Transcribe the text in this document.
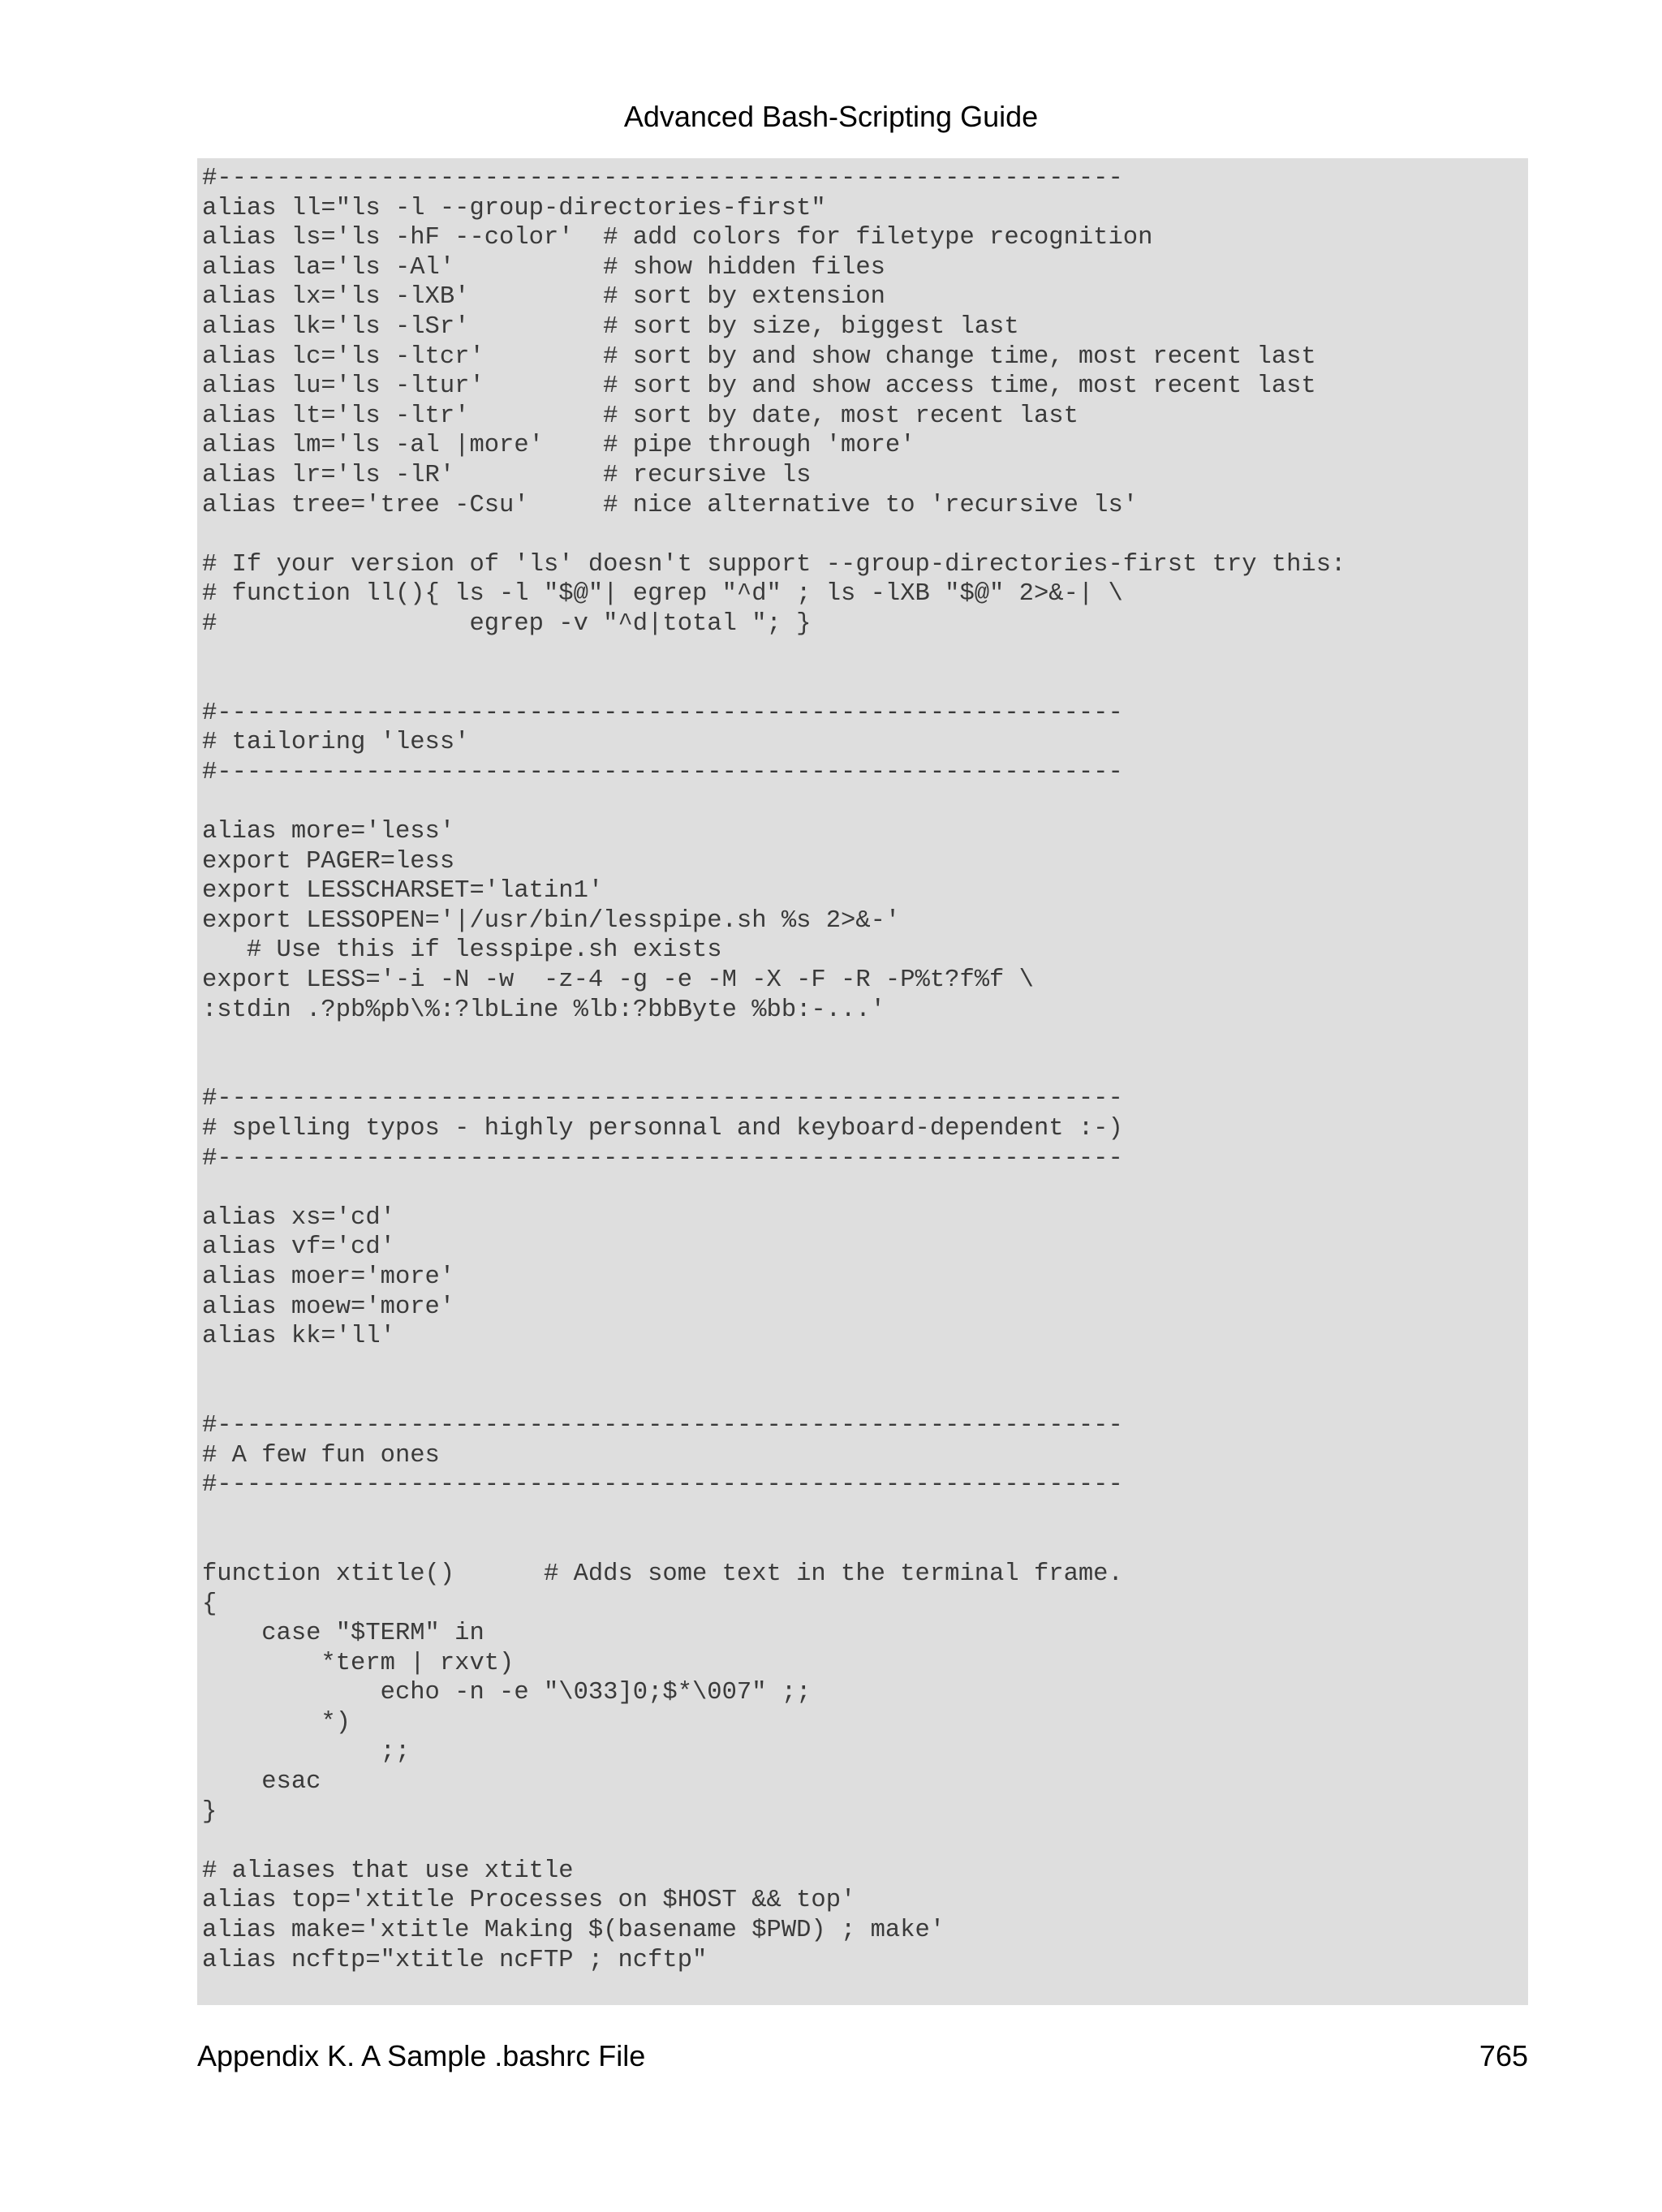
Advanced Bash-Scripting Guide
#-------------------------------------------------------------
alias ll="ls -l --group-directories-first"
alias ls='ls -hF --color'  # add colors for filetype recognition
alias la='ls -Al'          # show hidden files
alias lx='ls -lXB'         # sort by extension
alias lk='ls -lSr'         # sort by size, biggest last
alias lc='ls -ltcr'        # sort by and show change time, most recent last
alias lu='ls -ltur'        # sort by and show access time, most recent last
alias lt='ls -ltr'         # sort by date, most recent last
alias lm='ls -al |more'    # pipe through 'more'
alias lr='ls -lR'          # recursive ls
alias tree='tree -Csu'     # nice alternative to 'recursive ls'
# If your version of 'ls' doesn't support --group-directories-first try this:
# function ll(){ ls -l "$@"| egrep "^d" ; ls -lXB "$@" 2>&-| \
#                 egrep -v "^d|total "; }
#-------------------------------------------------------------
# tailoring 'less'
#-------------------------------------------------------------
alias more='less'
export PAGER=less
export LESSCHARSET='latin1'
export LESSOPEN='|/usr/bin/lesspipe.sh %s 2>&-'
# Use this if lesspipe.sh exists
export LESS='-i -N -w  -z-4 -g -e -M -X -F -R -P%t?f%f \
:stdin .?pb%pb\%:?lbLine %lb:?bbByte %bb:-...'
#-------------------------------------------------------------
# spelling typos - highly personnal and keyboard-dependent :-)
#-------------------------------------------------------------
alias xs='cd'
alias vf='cd'
alias moer='more'
alias moew='more'
alias kk='ll'
#-------------------------------------------------------------
# A few fun ones
#-------------------------------------------------------------
function xtitle()      # Adds some text in the terminal frame.
{
case "$TERM" in
*term | rxvt)
echo -n -e "\033]0;$*\007" ;;
*)
;;
esac
}
# aliases that use xtitle
alias top='xtitle Processes on $HOST && top'
alias make='xtitle Making $(basename $PWD) ; make'
alias ncftp="xtitle ncFTP ; ncftp"
Appendix K. A Sample .bashrc File	765
